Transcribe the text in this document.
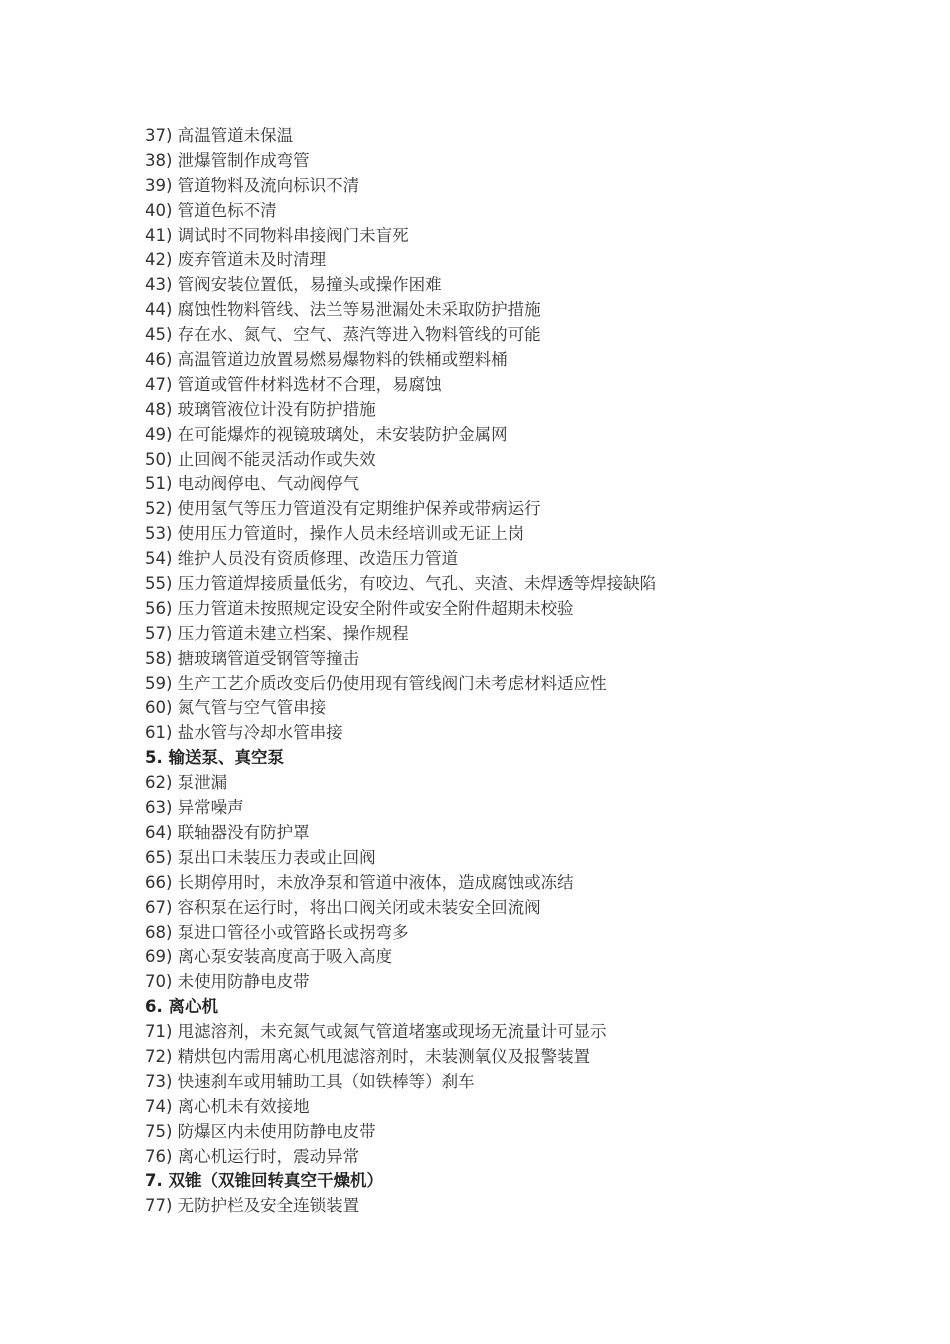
37) 高温管道未保温
38) 泄爆管制作成弯管
39) 管道物料及流向标识不清
40) 管道色标不清
41) 调试时不同物料串接阀门未盲死
42) 废弃管道未及时清理
43) 管阀安装位置低，易撞头或操作困难
44) 腐蚀性物料管线、法兰等易泄漏处未采取防护措施
45) 存在水、氮气、空气、蒸汽等进入物料管线的可能
46) 高温管道边放置易燃易爆物料的铁桶或塑料桶
47) 管道或管件材料选材不合理，易腐蚀
48) 玻璃管液位计没有防护措施
49) 在可能爆炸的视镜玻璃处，未安装防护金属网
50) 止回阀不能灵活动作或失效
51) 电动阀停电、气动阀停气
52) 使用氢气等压力管道没有定期维护保养或带病运行
53) 使用压力管道时，操作人员未经培训或无证上岗
54) 维护人员没有资质修理、改造压力管道
55) 压力管道焊接质量低劣，有咬边、气孔、夹渣、未焊透等焊接缺陷
56) 压力管道未按照规定设安全附件或安全附件超期未校验
57) 压力管道未建立档案、操作规程
58) 搪玻璃管道受钢管等撞击
59) 生产工艺介质改变后仍使用现有管线阀门未考虑材料适应性
60) 氮气管与空气管串接
61) 盐水管与冷却水管串接
5. 输送泵、真空泵
62) 泵泄漏
63) 异常噪声
64) 联轴器没有防护罩
65) 泵出口未装压力表或止回阀
66) 长期停用时，未放净泵和管道中液体，造成腐蚀或冻结
67) 容积泵在运行时，将出口阀关闭或未装安全回流阀
68) 泵进口管径小或管路长或拐弯多
69) 离心泵安装高度高于吸入高度
70) 未使用防静电皮带
6. 离心机
71) 甩滤溶剂，未充氮气或氮气管道堵塞或现场无流量计可显示
72) 精烘包内需用离心机甩滤溶剂时，未装测氧仪及报警装置
73) 快速刹车或用辅助工具（如铁棒等）刹车
74) 离心机未有效接地
75) 防爆区内未使用防静电皮带
76) 离心机运行时，震动异常
7. 双锥（双锥回转真空干燥机）
77) 无防护栏及安全连锁装置
